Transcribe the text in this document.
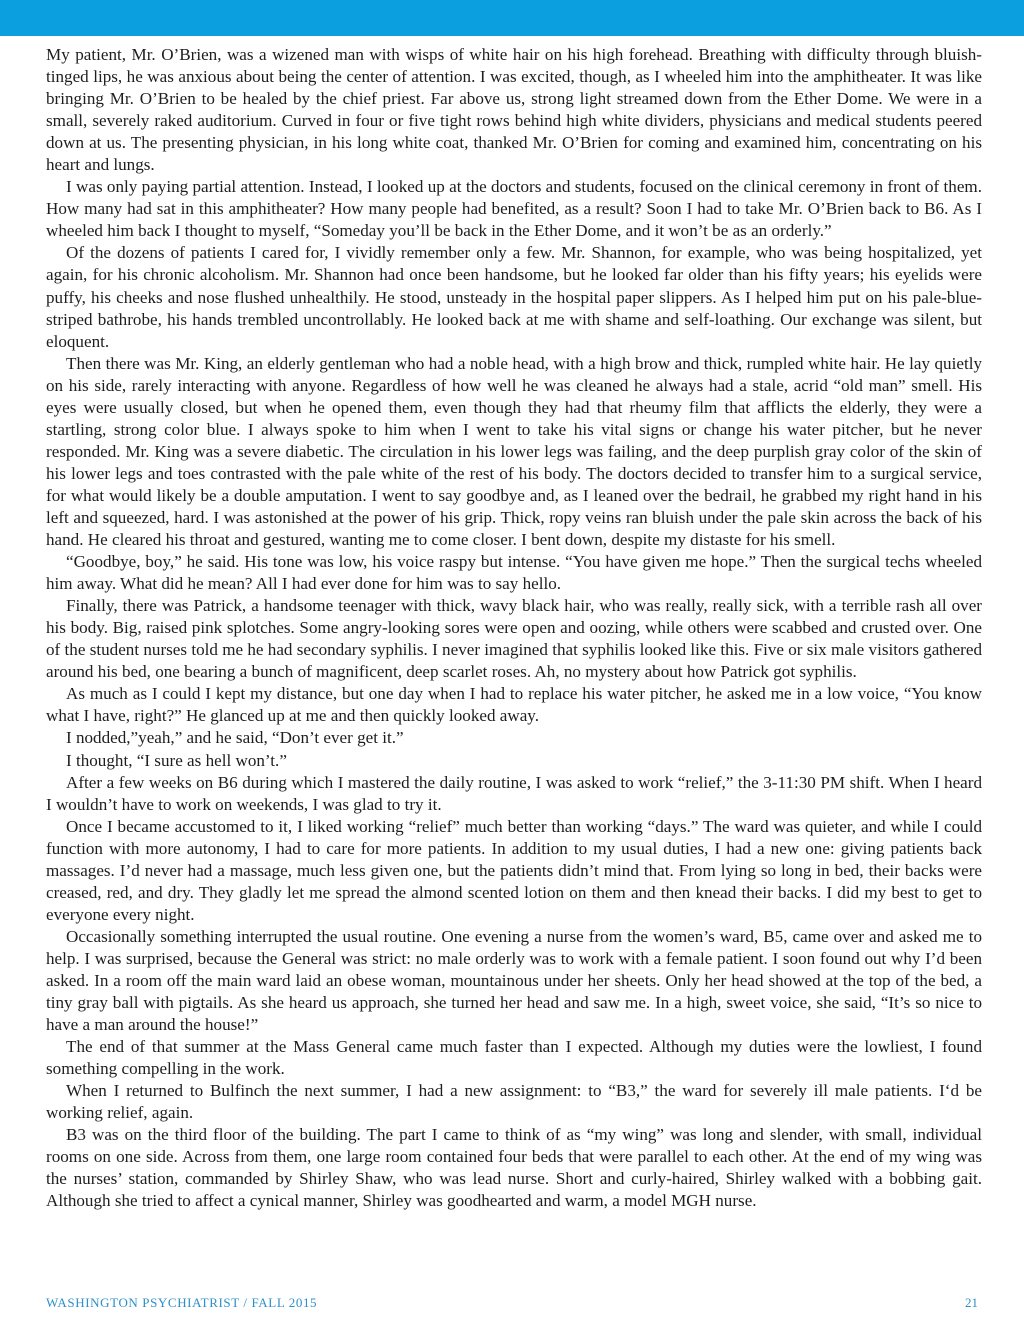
My patient, Mr. O’Brien, was a wizened man with wisps of white hair on his high forehead. Breathing with difficulty through bluish-tinged lips, he was anxious about being the center of attention. I was excited, though, as I wheeled him into the amphitheater. It was like bringing Mr. O’Brien to be healed by the chief priest. Far above us, strong light streamed down from the Ether Dome. We were in a small, severely raked auditorium. Curved in four or five tight rows behind high white dividers, physicians and medical students peered down at us. The presenting physician, in his long white coat, thanked Mr. O’Brien for coming and examined him, concentrating on his heart and lungs.

I was only paying partial attention. Instead, I looked up at the doctors and students, focused on the clinical ceremony in front of them. How many had sat in this amphitheater? How many people had benefited, as a result? Soon I had to take Mr. O’Brien back to B6. As I wheeled him back I thought to myself, “Someday you’ll be back in the Ether Dome, and it won’t be as an orderly.”

Of the dozens of patients I cared for, I vividly remember only a few. Mr. Shannon, for example, who was being hospitalized, yet again, for his chronic alcoholism. Mr. Shannon had once been handsome, but he looked far older than his fifty years; his eyelids were puffy, his cheeks and nose flushed unhealthily. He stood, unsteady in the hospital paper slippers. As I helped him put on his pale-blue-striped bathrobe, his hands trembled uncontrollably. He looked back at me with shame and self-loathing. Our exchange was silent, but eloquent.

Then there was Mr. King, an elderly gentleman who had a noble head, with a high brow and thick, rumpled white hair. He lay quietly on his side, rarely interacting with anyone. Regardless of how well he was cleaned he always had a stale, acrid “old man” smell. His eyes were usually closed, but when he opened them, even though they had that rheumy film that afflicts the elderly, they were a startling, strong color blue. I always spoke to him when I went to take his vital signs or change his water pitcher, but he never responded. Mr. King was a severe diabetic. The circulation in his lower legs was failing, and the deep purplish gray color of the skin of his lower legs and toes contrasted with the pale white of the rest of his body. The doctors decided to transfer him to a surgical service, for what would likely be a double amputation. I went to say goodbye and, as I leaned over the bedrail, he grabbed my right hand in his left and squeezed, hard. I was astonished at the power of his grip. Thick, ropy veins ran bluish under the pale skin across the back of his hand. He cleared his throat and gestured, wanting me to come closer. I bent down, despite my distaste for his smell.

“Goodbye, boy,” he said. His tone was low, his voice raspy but intense. “You have given me hope.” Then the surgical techs wheeled him away. What did he mean? All I had ever done for him was to say hello.

Finally, there was Patrick, a handsome teenager with thick, wavy black hair, who was really, really sick, with a terrible rash all over his body. Big, raised pink splotches. Some angry-looking sores were open and oozing, while others were scabbed and crusted over. One of the student nurses told me he had secondary syphilis. I never imagined that syphilis looked like this. Five or six male visitors gathered around his bed, one bearing a bunch of magnificent, deep scarlet roses. Ah, no mystery about how Patrick got syphilis.

As much as I could I kept my distance, but one day when I had to replace his water pitcher, he asked me in a low voice, “You know what I have, right?” He glanced up at me and then quickly looked away.

I nodded,”yeah,” and he said, “Don’t ever get it.”

I thought, “I sure as hell won’t.”

After a few weeks on B6 during which I mastered the daily routine, I was asked to work “relief,” the 3-11:30 PM shift. When I heard I wouldn’t have to work on weekends, I was glad to try it.

Once I became accustomed to it, I liked working “relief” much better than working “days.” The ward was quieter, and while I could function with more autonomy, I had to care for more patients. In addition to my usual duties, I had a new one: giving patients back massages. I’d never had a massage, much less given one, but the patients didn’t mind that. From lying so long in bed, their backs were creased, red, and dry. They gladly let me spread the almond scented lotion on them and then knead their backs. I did my best to get to everyone every night.

Occasionally something interrupted the usual routine. One evening a nurse from the women’s ward, B5, came over and asked me to help. I was surprised, because the General was strict: no male orderly was to work with a female patient. I soon found out why I’d been asked. In a room off the main ward laid an obese woman, mountainous under her sheets. Only her head showed at the top of the bed, a tiny gray ball with pigtails. As she heard us approach, she turned her head and saw me. In a high, sweet voice, she said, “It’s so nice to have a man around the house!”

The end of that summer at the Mass General came much faster than I expected. Although my duties were the lowliest, I found something compelling in the work.

When I returned to Bulfinch the next summer, I had a new assignment: to “B3,” the ward for severely ill male patients. I‘d be working relief, again.

B3 was on the third floor of the building. The part I came to think of as “my wing” was long and slender, with small, individual rooms on one side. Across from them, one large room contained four beds that were parallel to each other. At the end of my wing was the nurses’ station, commanded by Shirley Shaw, who was lead nurse. Short and curly-haired, Shirley walked with a bobbing gait. Although she tried to affect a cynical manner, Shirley was goodhearted and warm, a model MGH nurse.

WASHINGTON PSYCHIATRIST / FALL 2015	21
